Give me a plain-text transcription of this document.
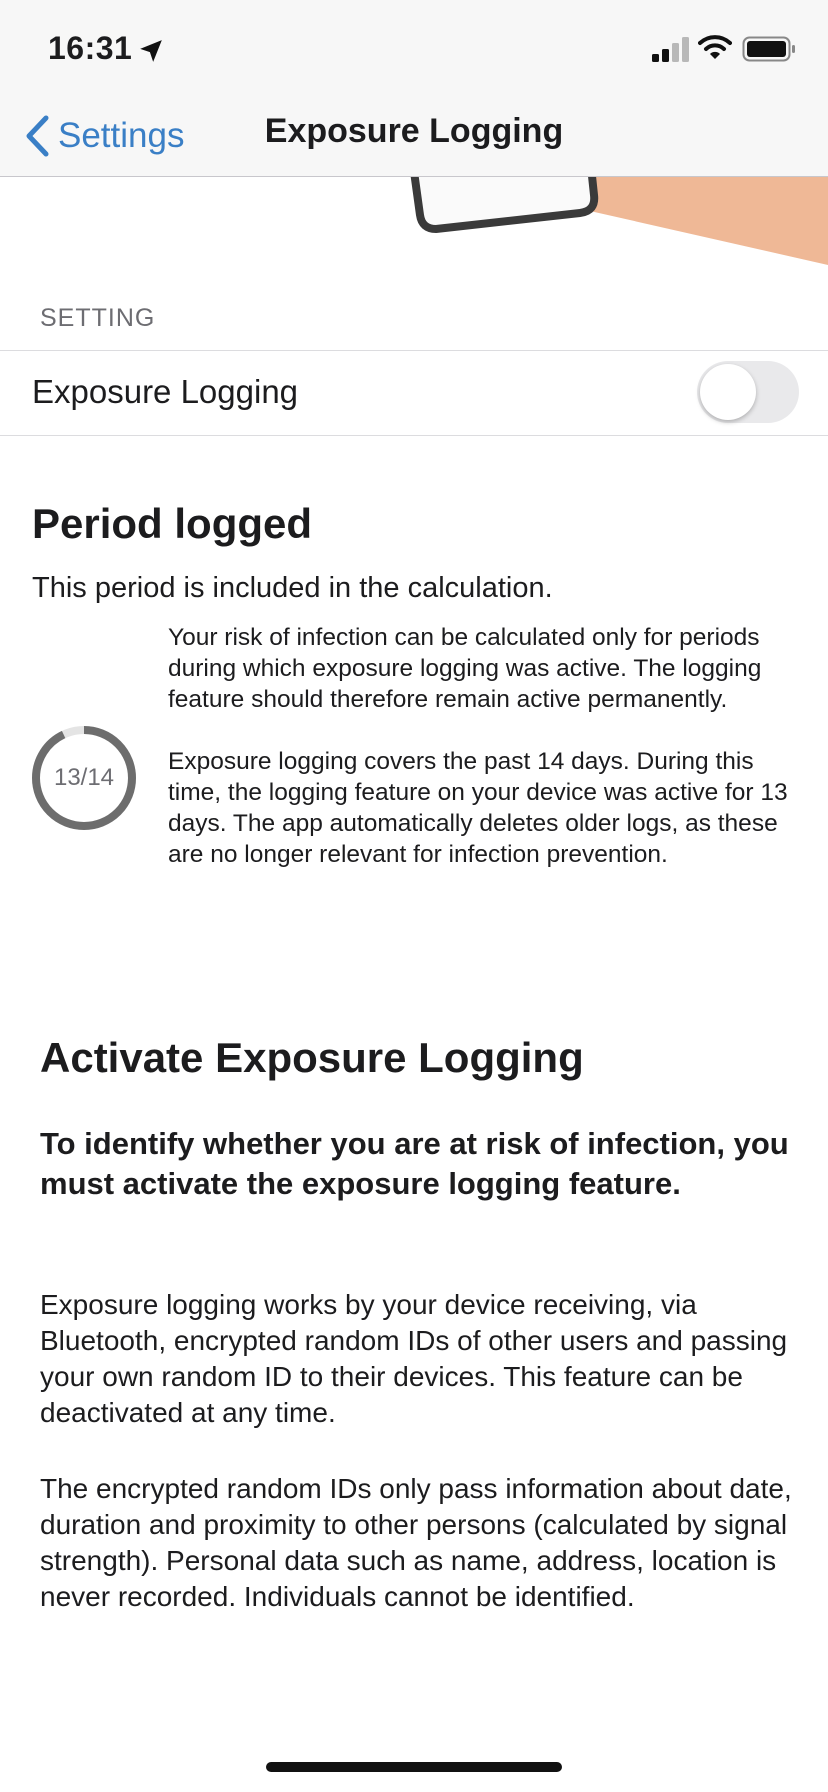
16:31
Settings	Exposure Logging
SETTING
Exposure Logging
Period logged
This period is included in the calculation.
13/14

Your risk of infection can be calculated only for periods during which exposure logging was active. The logging feature should therefore remain active permanently.

Exposure logging covers the past 14 days. During this time, the logging feature on your device was active for 13 days. The app automatically deletes older logs, as these are no longer relevant for infection prevention.

Activate Exposure Logging
To identify whether you are at risk of infection, you must activate the exposure logging feature.

Exposure logging works by your device receiving, via Bluetooth, encrypted random IDs of other users and passing your own random ID to their devices. This feature can be deactivated at any time.

The encrypted random IDs only pass information about date, duration and proximity to other persons (calculated by signal strength). Personal data such as name, address, location is never recorded. Individuals cannot be identified.
